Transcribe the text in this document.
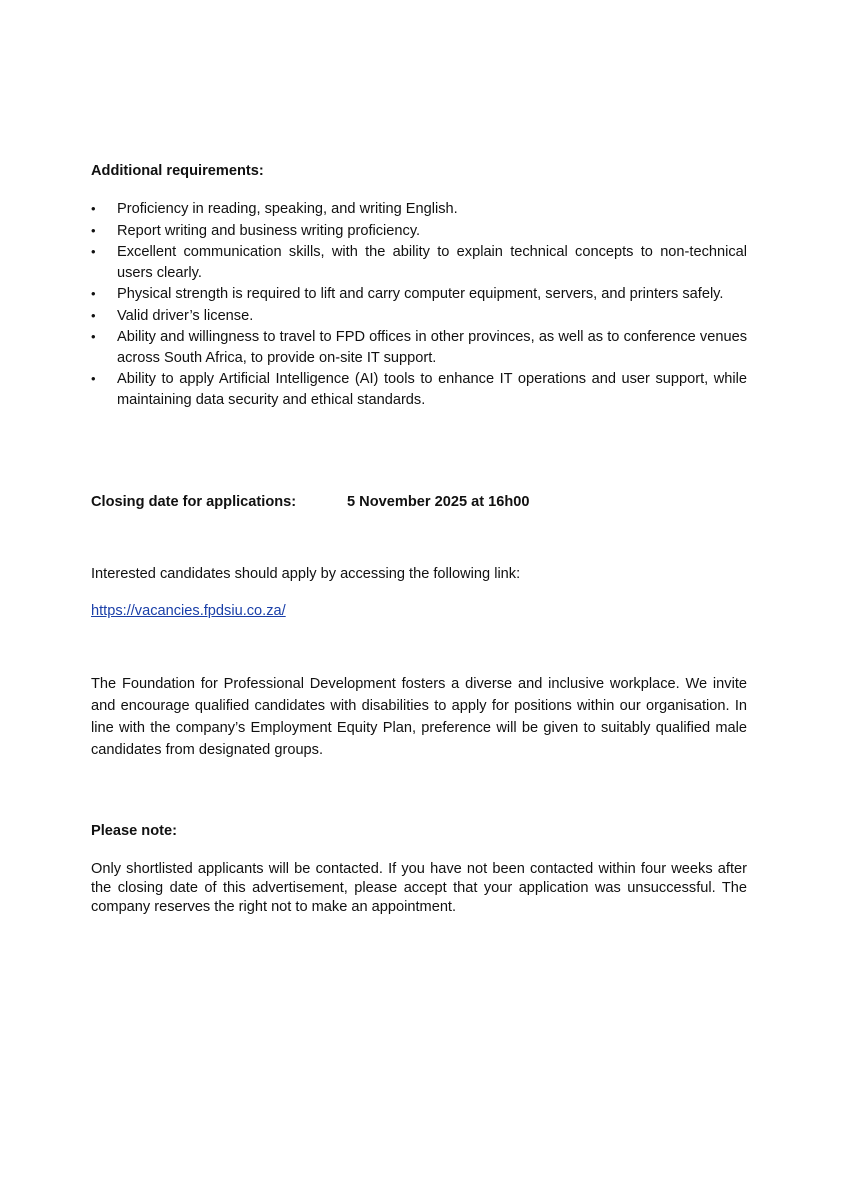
Additional requirements:
•	Proficiency in reading, speaking, and writing English.
•	Report writing and business writing proficiency.
•	Excellent communication skills, with the ability to explain technical concepts to non-technical users clearly.
•	Physical strength is required to lift and carry computer equipment, servers, and printers safely.
•	Valid driver’s license.
•	Ability and willingness to travel to FPD offices in other provinces, as well as to conference venues across South Africa, to provide on-site IT support.
•	Ability to apply Artificial Intelligence (AI) tools to enhance IT operations and user support, while maintaining data security and ethical standards.
Closing date for applications:	5 November 2025 at 16h00
Interested candidates should apply by accessing the following link:
https://vacancies.fpdsiu.co.za/
The Foundation for Professional Development fosters a diverse and inclusive workplace. We invite and encourage qualified candidates with disabilities to apply for positions within our organisation. In line with the company’s Employment Equity Plan, preference will be given to suitably qualified male candidates from designated groups.
Please note:
Only shortlisted applicants will be contacted. If you have not been contacted within four weeks after the closing date of this advertisement, please accept that your application was unsuccessful. The company reserves the right not to make an appointment.
